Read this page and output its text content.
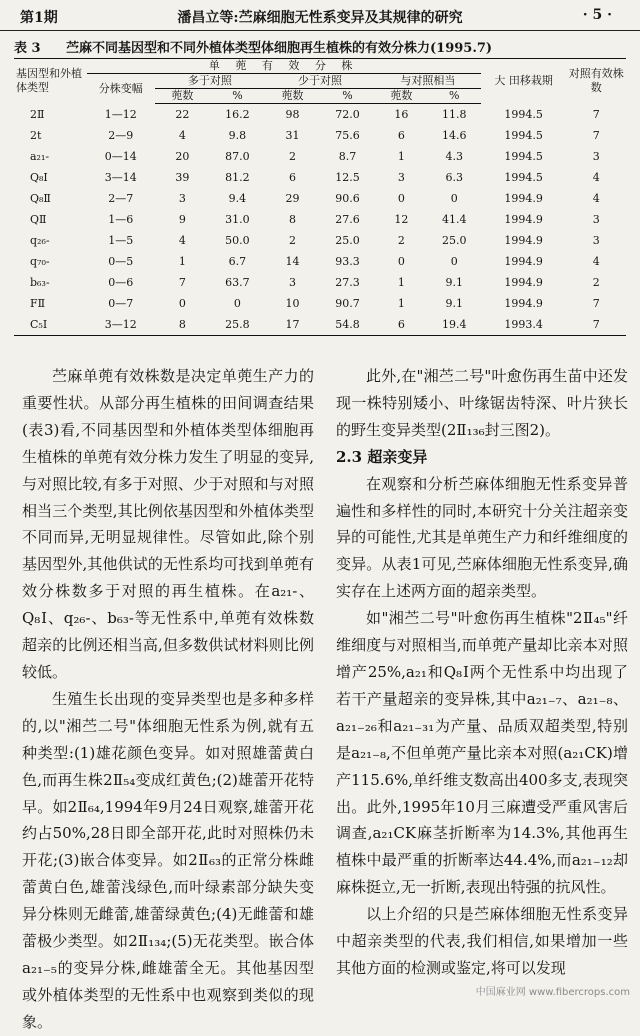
第1期	潘昌立等:苎麻细胞无性系变异及其规律的研究	· 5 ·
表 3 苎麻不同基因型和不同外植体类型体细胞再生植株的有效分株力(1995.7)
基因型和外植体类型	单 蔸 有 效 分 株							大 田移栽期	对照有效株数
	分株变幅	多于对照		少于对照		与对照相当			
		蔸数	%	蔸数	%	蔸数	%		
2Ⅱ	1—12	22	16.2	98	72.0	16	11.8	1994.5	7
2t	2—9	4	9.8	31	75.6	6	14.6	1994.5	7
a₂₁-	0—14	20	87.0	2	8.7	1	4.3	1994.5	3
Q₈Ⅰ	3—14	39	81.2	6	12.5	3	6.3	1994.5	4
Q₈Ⅱ	2—7	3	9.4	29	90.6	0	0	1994.9	4
QⅡ	1—6	9	31.0	8	27.6	12	41.4	1994.9	3
q₂₆-	1—5	4	50.0	2	25.0	2	25.0	1994.9	3
q₇₀-	0—5	1	6.7	14	93.3	0	0	1994.9	4
b₆₃-	0—6	7	63.7	3	27.3	1	9.1	1994.9	2
FⅡ	0—7	0	0	10	90.7	1	9.1	1994.9	7
C₅Ⅰ	3—12	8	25.8	17	54.8	6	19.4	1993.4	7

苎麻单蔸有效株数是决定单蔸生产力的重要性状。从部分再生植株的田间调查结果(表3)看,不同基因型和外植体类型体细胞再生植株的单蔸有效分株力发生了明显的变异,与对照比较,有多于对照、少于对照和与对照相当三个类型,其比例依基因型和外植体类型不同而异,无明显规律性。尽管如此,除个别基因型外,其他供试的无性系均可找到单蔸有效分株数多于对照的再生植株。在a₂₁-、Q₈Ⅰ、q₂₆-、b₆₃-等无性系中,单蔸有效株数超亲的比例还相当高,但多数供试材料则比例较低。

生殖生长出现的变异类型也是多种多样的,以"湘苎二号"体细胞无性系为例,就有五种类型:(1)雄花颜色变异。如对照雄蕾黄白色,而再生株2Ⅱ₅₄变成红黄色;(2)雄蕾开花特早。如2Ⅱ₆₄,1994年9月24日观察,雄蕾开花约占50%,28日即全部开花,此时对照株仍未开花;(3)嵌合体变异。如2Ⅱ₆₃的正常分株雌蕾黄白色,雄蕾浅绿色,而叶绿素部分缺失变异分株则无雌蕾,雄蕾绿黄色;(4)无雌蕾和雄蕾极少类型。如2Ⅱ₁₃₄;(5)无花类型。嵌合体a₂₁₋₅的变异分株,雌雄蕾全无。其他基因型或外植体类型的无性系中也观察到类似的现象。

此外,在"湘苎二号"叶愈伤再生苗中还发现一株特别矮小、叶缘锯齿特深、叶片狭长的野生变异类型(2Ⅱ₁₃₆封三图2)。

2.3 超亲变异

在观察和分析苎麻体细胞无性系变异普遍性和多样性的同时,本研究十分关注超亲变异的可能性,尤其是单蔸生产力和纤维细度的变异。从表1可见,苎麻体细胞无性系变异,确实存在上述两方面的超亲类型。

如"湘苎二号"叶愈伤再生植株"2Ⅱ₄₅"纤维细度与对照相当,而单蔸产量却比亲本对照增产25%,a₂₁和Q₈Ⅰ两个无性系中均出现了若干产量超亲的变异株,其中a₂₁₋₇、a₂₁₋₈、a₂₁₋₂₆和a₂₁₋₃₁为产量、品质双超类型,特别是a₂₁₋₈,不但单蔸产量比亲本对照(a₂₁CK)增产115.6%,单纤维支数高出400多支,表现突出。此外,1995年10月三麻遭受严重风害后调查,a₂₁CK麻茎折断率为14.3%,其他再生植株中最严重的折断率达44.4%,而a₂₁₋₁₂却麻株挺立,无一折断,表现出特强的抗风性。

以上介绍的只是苎麻体细胞无性系变异中超亲类型的代表,我们相信,如果增加一些其他方面的检测或鉴定,将可以发现

中国麻业网 www.fibercrops.com
